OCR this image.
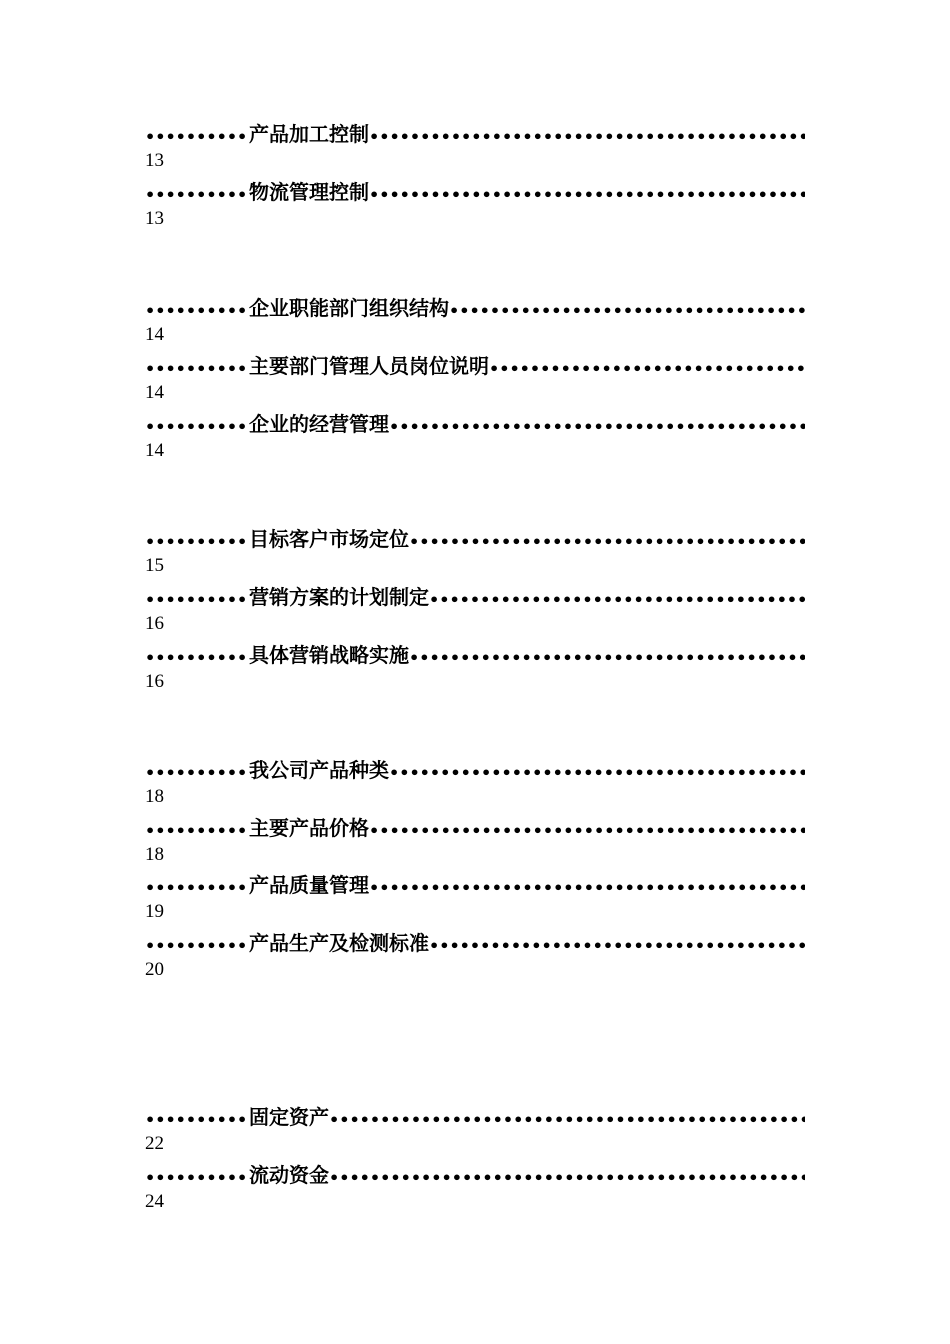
•••••
产品加工控制
•••••
13
•••••
物流管理控制
•••••
13
•••••
企业职能部门组织结构
•••••
14
•••••
主要部门管理人员岗位说明
•••••
14
•••••
企业的经营管理
•••••
14
•••••
目标客户市场定位
•••••
15
•••••
营销方案的计划制定
•••••
16
•••••
具体营销战略实施
•••••
16
•••••
我公司产品种类
•••••
18
•••••
主要产品价格
•••••
18
•••••
产品质量管理
•••••
19
•••••
产品生产及检测标准
•••••
20
•••••
固定资产
•••••
22
•••••
流动资金
•••••
24
